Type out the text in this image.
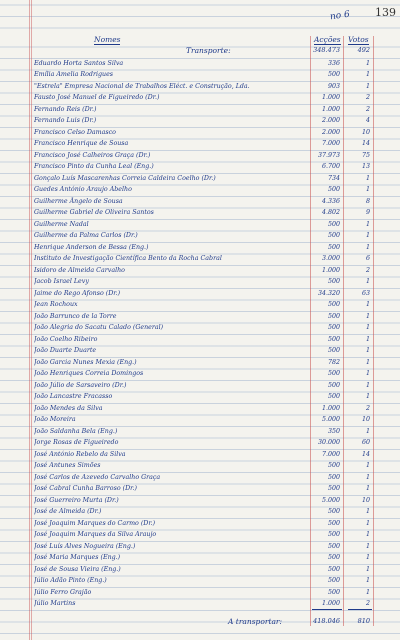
139
no 6
Nomes	Acções Votos
Transporte:	348.473	492
Eduardo Horta Santos Silva	336	1
Emília Amelia Rodrigues	500	1
"Estrela" Empresa Nacional de Trabalhos Eléct. e Construção, Lda.	903	1
Fausto José Manuel de Figueiredo (Dr.)	1.000	2
Fernando Reis (Dr.)	1.000	2
Fernando Luis (Dr.)	2.000	4
Francisco Celso Damasco	2.000	10
Francisco Henrique de Sousa	7.000	14
Francisco José Calheiros Graça (Dr.)	37.973	75
Francisco Pinto da Cunha Leal (Eng.)	6.700	13
Gonçalo Luís Mascarenhas Correia Caldeira Coelho (Dr.)	734	1
Guedes António Araujo Abelho	500	1
Guilherme Ângelo de Sousa	4.336	8
Guilherme Gabriel de Oliveira Santos	4.802	9
Guilherme Nadal	500	1
Guilherme da Palma Carlos (Dr.)	500	1
Henrique Anderson de Bessa (Eng.)	500	1
Instituto de Investigação Científica Bento da Rocha Cabral	3.000	6
Isidoro de Almeida Carvalho	1.000	2
Jacob Israel Levy	500	1
Jaime do Rego Afonso (Dr.)	34.320	63
Jean Rochoux	500	1
João Barrunco de la Torre	500	1
João Alegria do Sacatu Calado (General)	500	1
João Coelho Ribeiro	500	1
João Duarte Duarte	500	1
João Garcia Nunes Mexia (Eng.)	782	1
João Henriques Correia Domingos	500	1
João Júlio de Sarsaveiro (Dr.)	500	1
João Lancastre Fracasso	500	1
João Mendes da Silva	1.000	2
João Moreira	5.000	10
João Saldanha Bela (Eng.)	350	1
Jorge Rosas de Figueiredo	30.000	60
José António Rebelo da Silva	7.000	14
José Antunes Simões	500	1
José Carlos de Azevedo Carvalho Graça	500	1
José Cabral Cunha Barroso (Dr.)	500	1
José Guerreiro Murta (Dr.)	5.000	10
José de Almeida (Dr.)	500	1
José Joaquim Marques do Carmo (Dr.)	500	1
José Joaquim Marques da Silva Araujo	500	1
José Luís Alves Nogueira (Eng.)	500	1
José Maria Marques (Eng.)	500	1
José de Sousa Vieira (Eng.)	500	1
Júlio Adão Pinto (Eng.)	500	1
Júlio Ferro Grajão	500	1
Júlio Martins	1.000	2
A transportar:	418.046	810
